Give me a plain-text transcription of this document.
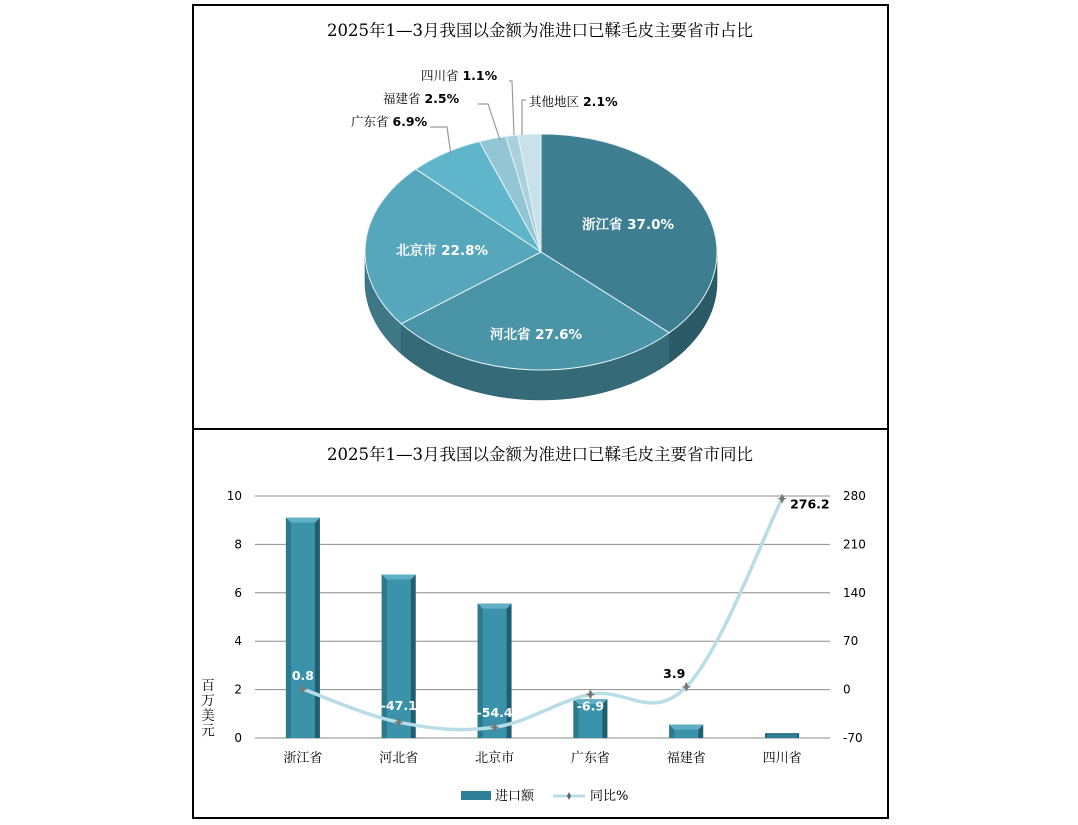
2025年1—3月我国以金额为准进口已鞣毛皮主要省市占比
浙江省 37.0%
河北省 27.6%
北京市 22.8%
广东省 6.9%
福建省 2.5%
四川省 1.1%
其他地区 2.1%
2025年1—3月我国以金额为准进口已鞣毛皮主要省市同比
0
2
4
6
8
10
-70
0
70
140
210
280
浙江省	河北省	北京市	广东省	福建省	四川省
0.8
-47.1	-54.4	-6.9
3.9
276.2
百万美元
进口额	同比%
